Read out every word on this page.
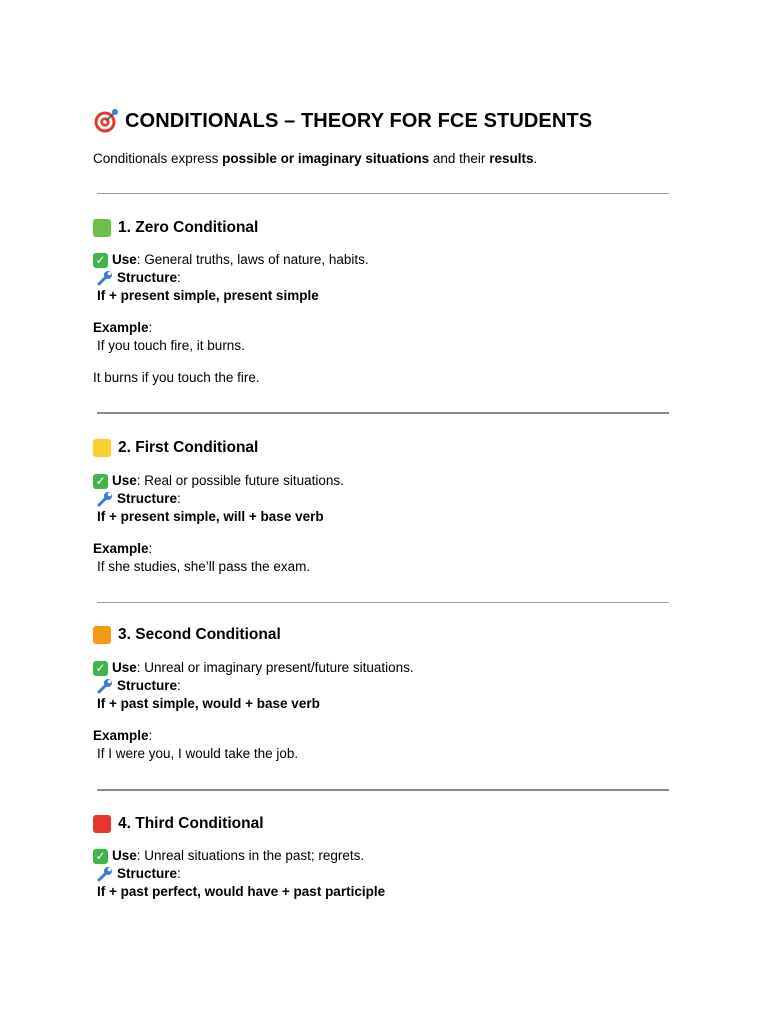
CONDITIONALS – THEORY FOR FCE STUDENTS
Conditionals express possible or imaginary situations and their results.
1. Zero Conditional
✓ Use : General truths, laws of nature, habits.
Structure :
If + present simple, present simple
Example :
If you touch fire, it burns.
It burns if you touch the fire.
2. First Conditional
✓ Use : Real or possible future situations.
Structure :
If + present simple, will + base verb
Example :
If she studies, she’ll pass the exam.
3. Second Conditional
✓ Use : Unreal or imaginary present/future situations.
Structure :
If + past simple, would + base verb
Example :
If I were you, I would take the job.
4. Third Conditional
✓ Use : Unreal situations in the past; regrets.
Structure :
If + past perfect, would have + past participle
